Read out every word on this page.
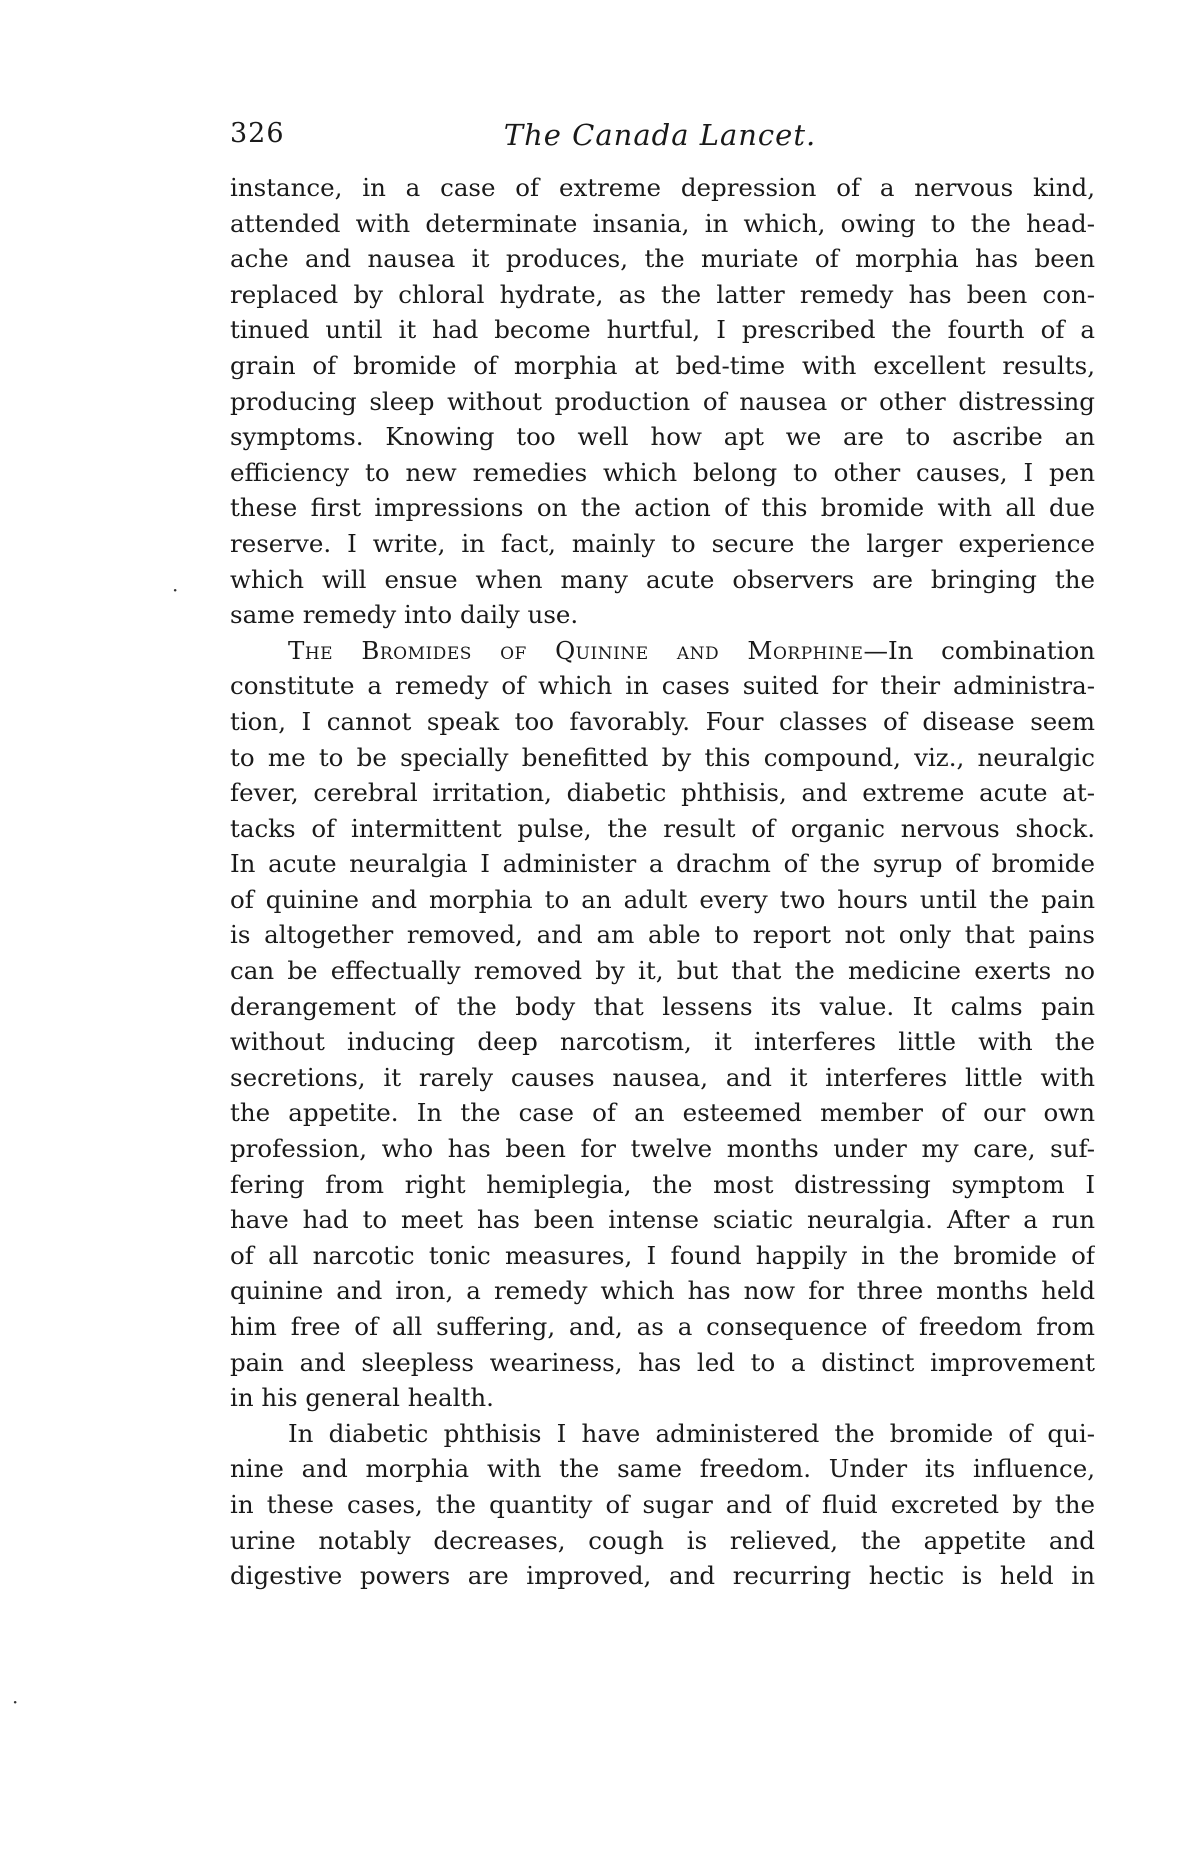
326	The Canada Lancet.
·
·
instance, in a case of extreme depression of a nervous kind,
attended with determinate insania, in which, owing to the head-
ache and nausea it produces, the muriate of morphia has been
replaced by chloral hydrate, as the latter remedy has been con-
tinued until it had become hurtful, I prescribed the fourth of a
grain of bromide of morphia at bed-time with excellent results,
producing sleep without production of nausea or other distressing
symptoms. Knowing too well how apt we are to ascribe an
efficiency to new remedies which belong to other causes, I pen
these first impressions on the action of this bromide with all due
reserve. I write, in fact, mainly to secure the larger experience
which will ensue when many acute observers are bringing the
same remedy into daily use.
The Bromides of Quinine and Morphine—In combination
constitute a remedy of which in cases suited for their administra-
tion, I cannot speak too favorably. Four classes of disease seem
to me to be specially benefitted by this compound, viz., neuralgic
fever, cerebral irritation, diabetic phthisis, and extreme acute at-
tacks of intermittent pulse, the result of organic nervous shock.
In acute neuralgia I administer a drachm of the syrup of bromide
of quinine and morphia to an adult every two hours until the pain
is altogether removed, and am able to report not only that pains
can be effectually removed by it, but that the medicine exerts no
derangement of the body that lessens its value. It calms pain
without inducing deep narcotism, it interferes little with the
secretions, it rarely causes nausea, and it interferes little with
the appetite. In the case of an esteemed member of our own
profession, who has been for twelve months under my care, suf-
fering from right hemiplegia, the most distressing symptom I
have had to meet has been intense sciatic neuralgia. After a run
of all narcotic tonic measures, I found happily in the bromide of
quinine and iron, a remedy which has now for three months held
him free of all suffering, and, as a consequence of freedom from
pain and sleepless weariness, has led to a distinct improvement
in his general health.
In diabetic phthisis I have administered the bromide of qui-
nine and morphia with the same freedom. Under its influence,
in these cases, the quantity of sugar and of fluid excreted by the
urine notably decreases, cough is relieved, the appetite and
digestive powers are improved, and recurring hectic is held in
